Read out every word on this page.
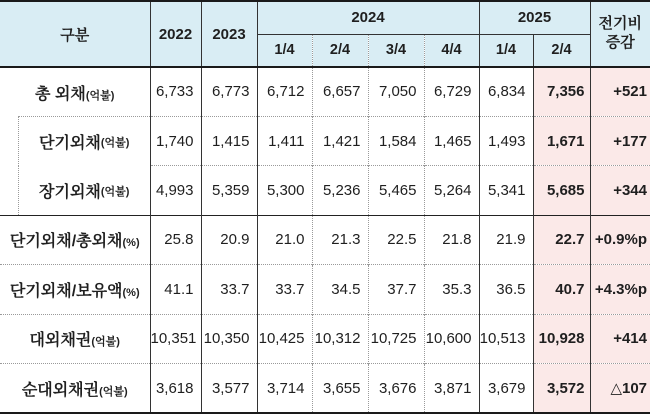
구분	2022	2023	2024				2025		전기비
증감
			1/4	2/4	3/4	4/4	1/4	2/4	
총 외채(억불)	6,733	6,773	6,712	6,657	7,050	6,729	6,834	7,356	+521

단기외채 (억불)	1,740	1,415	1,411	1,421	1,584	1,465	1,493	1,671	+177

장기외채 (억불)	4,993	5,359	5,300	5,236	5,465	5,264	5,341	5,685	+344
단기외채/총외채(%)	25.8	20.9	21.0	21.3	22.5	21.8	21.9	22.7	+0.9%p
단기외채/보유액(%)	41.1	33.7	33.7	34.5	37.7	35.3	36.5	40.7	+4.3%p
대외채권(억불)	10,351	10,350	10,425	10,312	10,725	10,600	10,513	10,928	+414
순대외채권(억불)	3,618	3,577	3,714	3,655	3,676	3,871	3,679	3,572	△107
